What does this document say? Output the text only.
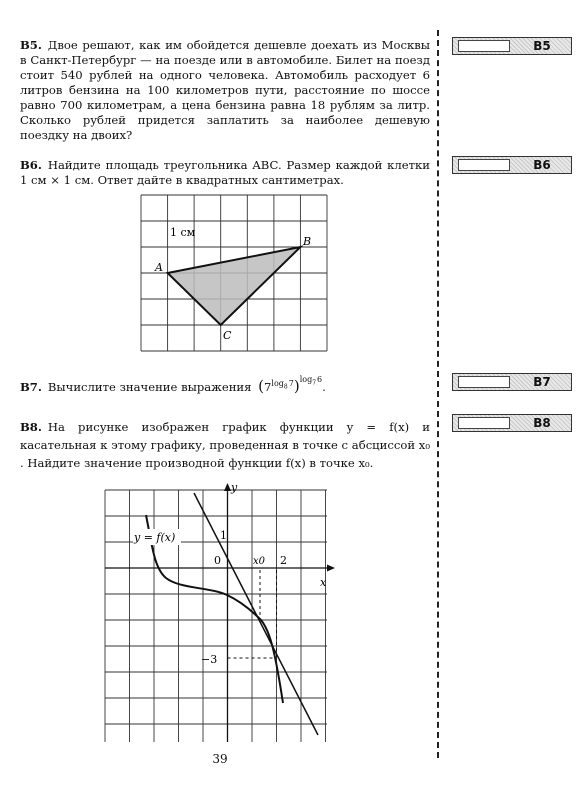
B5. Двое решают, как им обойдется дешевле доехать из Москвы в Санкт-Петербург — на поезде или в автомобиле. Билет на поезд стоит 540 рублей на одного человека. Автомобиль расходует 6 литров бензина на 100 километров пути, расстояние по шоссе равно 700 километрам, а цена бензина равна 18 рублям за литр. Сколько рублей придется заплатить за наиболее дешевую поездку на двоих?
B6. Найдите площадь треугольника ABC. Размер каждой клетки 1 см × 1 см. Ответ дайте в квадратных сантиметрах.
1 см
A
B
C
B7. Вычислите значение выражения $(7^{log_87})^{log_76}$.
B8. На рисунке изображен график функции y = f(x) и касательная к этому графику, проведенная в точке с абсциссой x₀ . Найдите значение производной функции f(x) в точке x₀.
y = f(x)
y
x
0
1
x0 2
−3
B5
B6
B7
B8
39
